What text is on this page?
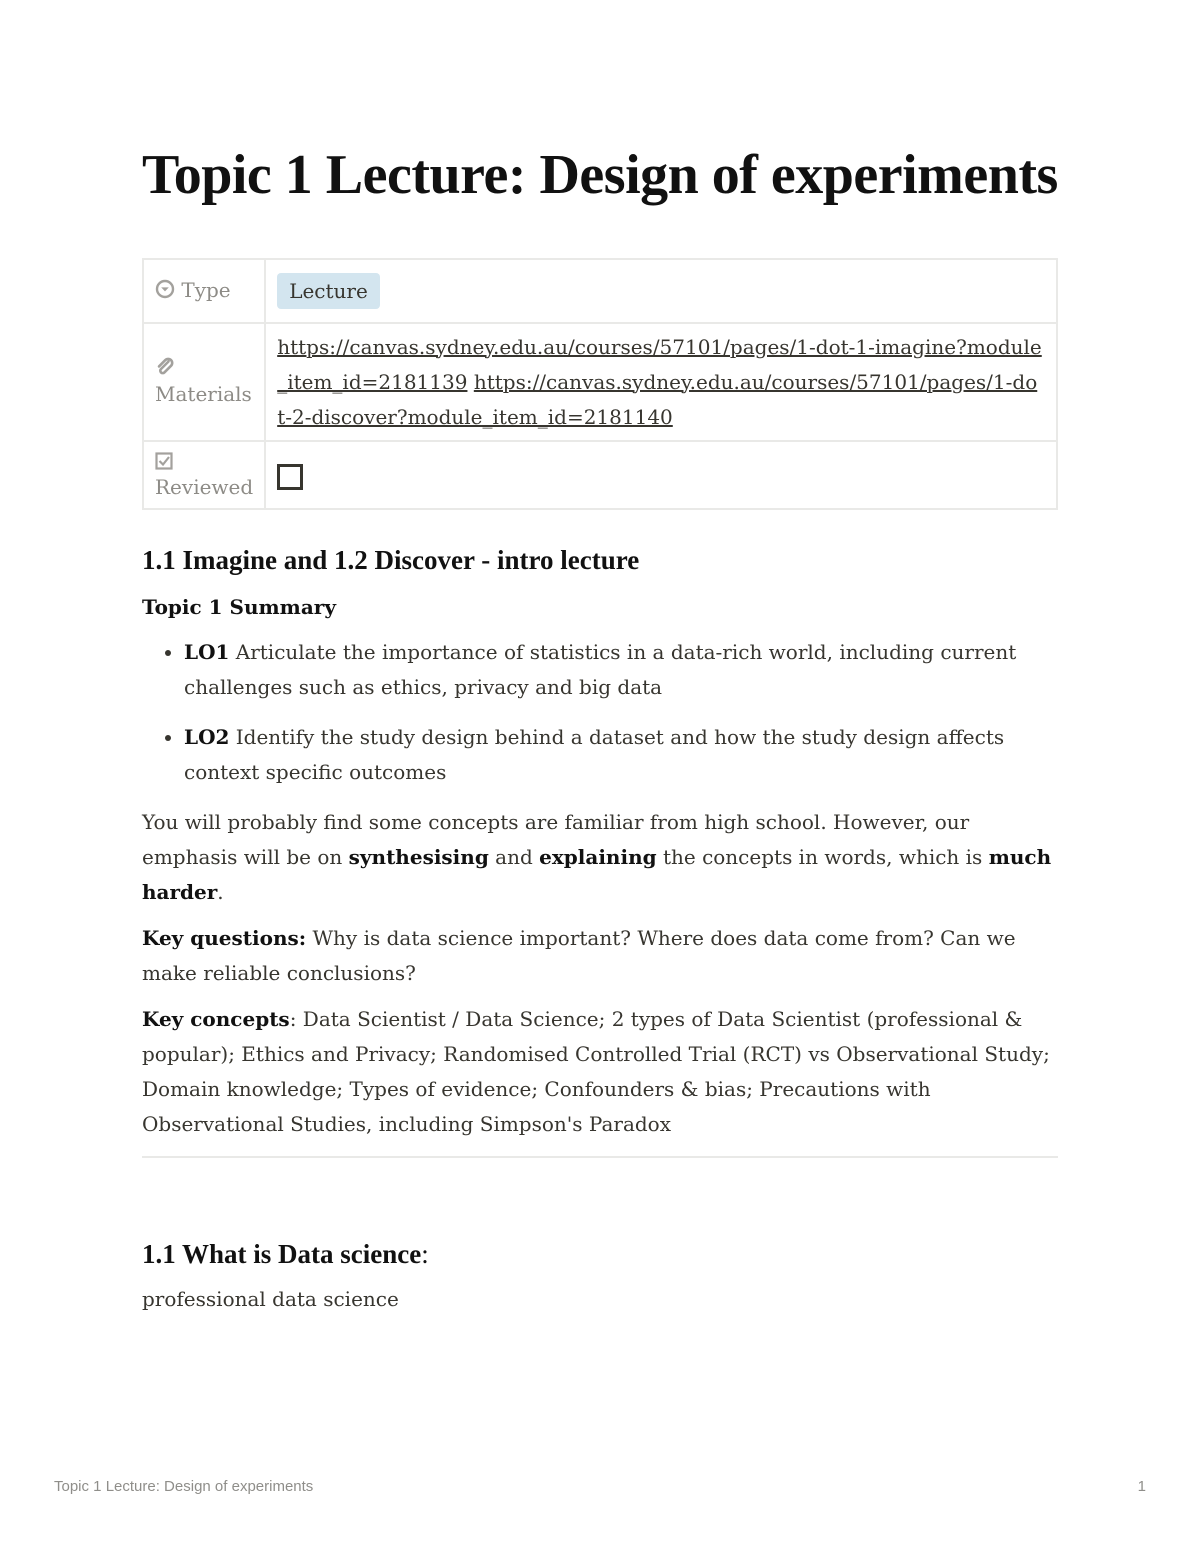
Topic 1 Lecture: Design of experiments
Type	Lecture

Materials	https://canvas.sydney.edu.au/courses/57101/pages/1-dot-1-imagine?module_item_id=2181139 https://canvas.sydney.edu.au/courses/57101/pages/1-dot-2-discover?module_item_id=2181140

Reviewed	
1.1 Imagine and 1.2 Discover - intro lecture

Topic 1 Summary

• LO1 Articulate the importance of statistics in a data-rich world, including current challenges such as ethics, privacy and big data
• LO2 Identify the study design behind a dataset and how the study design affects context specific outcomes

You will probably find some concepts are familiar from high school. However, our emphasis will be on synthesising and explaining the concepts in words, which is much harder.

Key questions: Why is data science important? Where does data come from? Can we make reliable conclusions?

Key concepts: Data Scientist / Data Science; 2 types of Data Scientist (professional & popular); Ethics and Privacy; Randomised Controlled Trial (RCT) vs Observational Study; Domain knowledge; Types of evidence; Confounders & bias; Precautions with Observational Studies, including Simpson's Paradox

1.1 What is Data science:

professional data science

Topic 1 Lecture: Design of experiments	1
